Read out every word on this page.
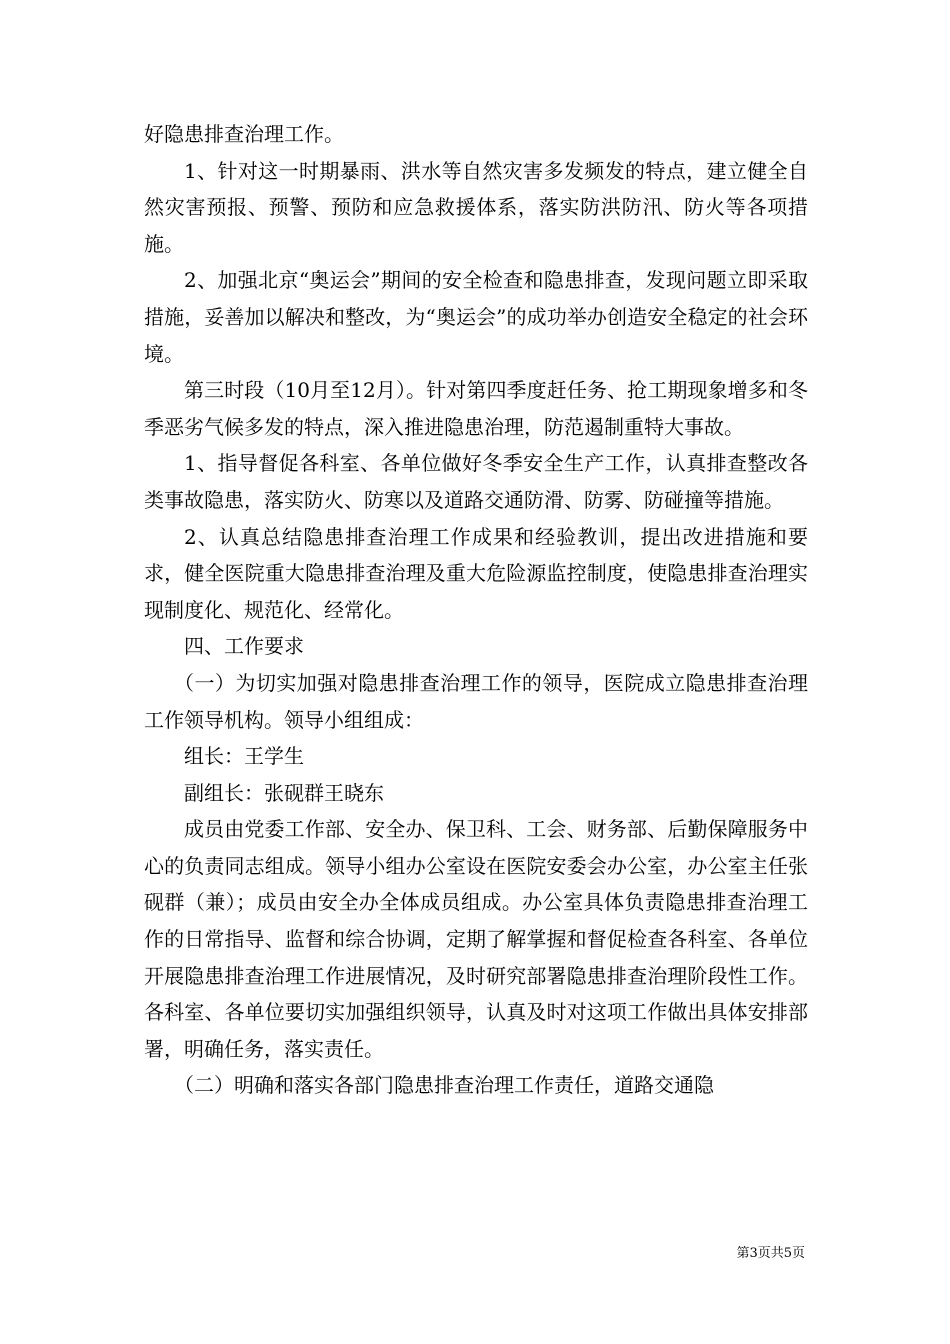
好隐患排查治理工作。

1、针对这一时期暴雨、洪水等自然灾害多发频发的特点，建立健全自然灾害预报、预警、预防和应急救援体系，落实防洪防汛、防火等各项措施。

2、加强北京“奥运会”期间的安全检查和隐患排查，发现问题立即采取措施，妥善加以解决和整改，为“奥运会”的成功举办创造安全稳定的社会环境。

第三时段（10月至12月）。针对第四季度赶任务、抢工期现象增多和冬季恶劣气候多发的特点，深入推进隐患治理，防范遏制重特大事故。

1、指导督促各科室、各单位做好冬季安全生产工作，认真排查整改各类事故隐患，落实防火、防寒以及道路交通防滑、防雾、防碰撞等措施。

2、认真总结隐患排查治理工作成果和经验教训，提出改进措施和要求，健全医院重大隐患排查治理及重大危险源监控制度，使隐患排查治理实现制度化、规范化、经常化。

四、工作要求

（一）为切实加强对隐患排查治理工作的领导，医院成立隐患排查治理工作领导机构。领导小组组成：

组长：王学生

副组长：张砚群王晓东

成员由党委工作部、安全办、保卫科、工会、财务部、后勤保障服务中心的负责同志组成。领导小组办公室设在医院安委会办公室，办公室主任张砚群（兼）；成员由安全办全体成员组成。办公室具体负责隐患排查治理工作的日常指导、监督和综合协调，定期了解掌握和督促检查各科室、各单位开展隐患排查治理工作进展情况，及时研究部署隐患排查治理阶段性工作。各科室、各单位要切实加强组织领导，认真及时对这项工作做出具体安排部署，明确任务，落实责任。

（二）明确和落实各部门隐患排查治理工作责任，道路交通隐

第3页共5页
